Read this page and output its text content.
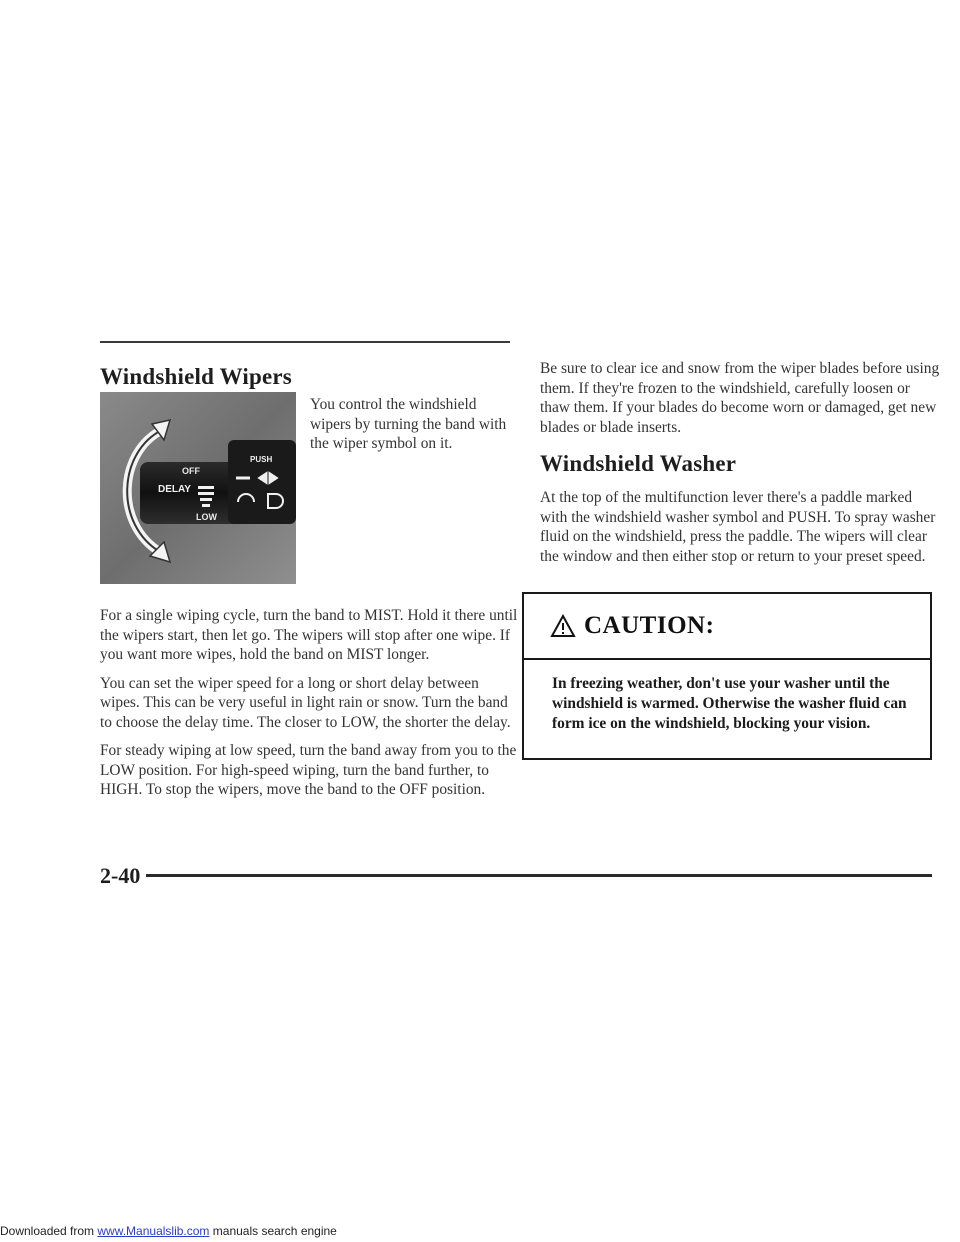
Windshield Wipers
OFF
DELAY
LOW
PUSH

You control the windshield wipers by turning the band with the wiper symbol on it.

For a single wiping cycle, turn the band to MIST. Hold it there until the wipers start, then let go. The wipers will stop after one wipe. If you want more wipes, hold the band on MIST longer.

You can set the wiper speed for a long or short delay between wipes. This can be very useful in light rain or snow. Turn the band to choose the delay time. The closer to LOW, the shorter the delay.

For steady wiping at low speed, turn the band away from you to the LOW position. For high-speed wiping, turn the band further, to HIGH. To stop the wipers, move the band to the OFF position.

Be sure to clear ice and snow from the wiper blades before using them. If they're frozen to the windshield, carefully loosen or thaw them. If your blades do become worn or damaged, get new blades or blade inserts.

Windshield Washer

At the top of the multifunction lever there's a paddle marked with the windshield washer symbol and PUSH. To spray washer fluid on the windshield, press the paddle. The wipers will clear the window and then either stop or return to your preset speed.

CAUTION:

In freezing weather, don't use your washer until the windshield is warmed. Otherwise the washer fluid can form ice on the windshield, blocking your vision.

2-40
Downloaded from www.Manualslib.com manuals search engine
